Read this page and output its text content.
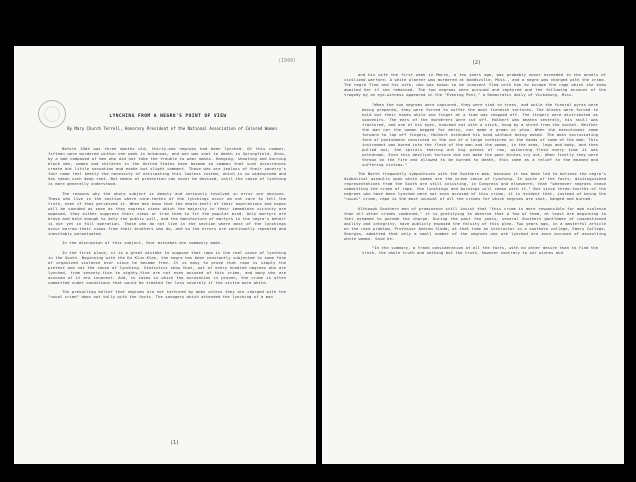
(1949)
LYNCHING FROM A NEGRO'S POINT OF VIEW
By Mary Church Terrell, Honorary President of the National Association of Colored Women

Before 1904 was three months old, thirty-one negroes had been lynched. Of this number, fifteen were murdered within one week in Arkansas, and one was shot to death in Springfield, Ohio, by a mob composed of men who did not take the trouble to wear masks. Hanging, shooting and burning black men, women and children in the United States have become so common that such occurrences create but little sensation and evoke but slight comment. Those who are jealous of their country's fair name feel keenly the necessity of extirpating this lawless custom, which is so widespread and has taken such deep root. But means of prevention can never be devised, until the cause of lynching is more generally understood.

The reasons why the whole subject is deeply and seriously involved in error are obvious. Those who live in the section where nine-tenths of the lynchings occur do not care to tell the truth, even if they perceived it. When men know that the death-knell of their aspirations and hopes will be sounded as soon as they express views which the majority in their immediate vicinity are opposed, they either suppress their views or trim them to fit the popular mind. Only martyrs are brave and bold enough to defy the public will, and the manufacture of martyrs in the negro's behalf is not yet in full operation. Those who do not live in the section where most of the lynchings occur borrow their views from their brothers who do, and so the errors are continually repeated and inevitably perpetuated.

In the discussion of this subject, four mistakes are commonly made.

In the first place, it is a great mistake to suppose that rape is the real cause of lynching in the South. Beginning with the Ku Klux Klan, the negro has been constantly subjected to some form of organized violence ever since he became free. It is easy to prove that rape is simply the pretext and not the cause of lynching. Statistics show that, out of every hundred negroes who are lynched, from seventy-five to eighty-five are not even accused of this crime, and many who are accused of it are innocent. And, in cases in which the accusation is proven, the crime is often committed under conditions that would be treated far less severely if the victim were white.

The prevailing belief that negroes are not tortured by mobs unless they are charged with the "usual crime" does not tally with the facts. The savagery which attended the lynching of a man

(1)
(2)

and his wife the first week in March, a few years ago, was probably never exceeded in the annals of civilized warfare. A white planter was murdered at Doddsville, Miss., and a negro was charged with the crime. The negro fled and his wife, who was known to be innocent fled with him to escape the rage which she knew awaited her if she remained. The two negroes were pursued and captured and the following account of the tragedy by an eye-witness appeared in the "Evening Post," a Democratic daily of Vicksburg, Miss.

"When the two negroes were captured, they were tied to trees, and while the funeral pyres were being prepared, they were forced to suffer the most fiendish tortures. The blacks were forced to hold out their hands while one finger at a time was chopped off. The fingers were distributed as souvenirs. The ears of the murderers were cut off. Holbert was beaten severely, his skull was fractured, and one of his eyes, knocked out with a stick, hung by a shred from the socket. Neither the man nor the woman begged for mercy, nor made a groan or plea. When the executioner came forward to lop off fingers, Holbert extended his hand without being asked. The most excruciating form of punishment consisted in the use of a large corkscrew in the hands of some of the mob. This instrument was bored into the flesh of the man and the woman, in the arms, legs and body, and then pulled out, the spirals tearing out big pieces of raw, quivering flesh every time it was withdrawn. Even this devilish torture did not make the poor brutes cry out. When finally they were thrown on the fire and allowed to be burned to death, this came as a relief to the maimed and suffering victims."

The North frequently sympathizes with the Southern mob, because it has been led to believe the negro's diabolical assaults upon white women are the prime cause of lynching. In spite of the facts, distinguished representatives from the South are still insisting, in Congress and elsewhere, that "whenever negroes cease committing the crime of rape, the lynchings and burnings will cease with it." But since three-fourths of the negroes who have been lynched were not even accused of this crime, it is evident that, instead of being the "usual" crime, rape is the most unusual of all the crimes for which negroes are shot, hanged and burned.

Although Southern men of prominence still insist that "this crime is more responsible for mob violence than all other crimes combined," it is gratifying to observe that a few of them, at least are beginning to feel ashamed to parade the charge. During the past few years, several Southern gentlemen of unquestioned ability and integrity, have publicly exposed the falsity of this plea. Two years ago, in a masterful article on the race problem, Professor Andrew Sledd, at that time an instructor in a southern college, Emory College, Georgia, admitted that only a small number of the negroes who are lynched are even accused of assaulting white women. Said he:

"In the summary, a frank consideration of all the facts, with no other desire than to find the truth, the whole truth and nothing but the truth, however contrary to our wishes and
